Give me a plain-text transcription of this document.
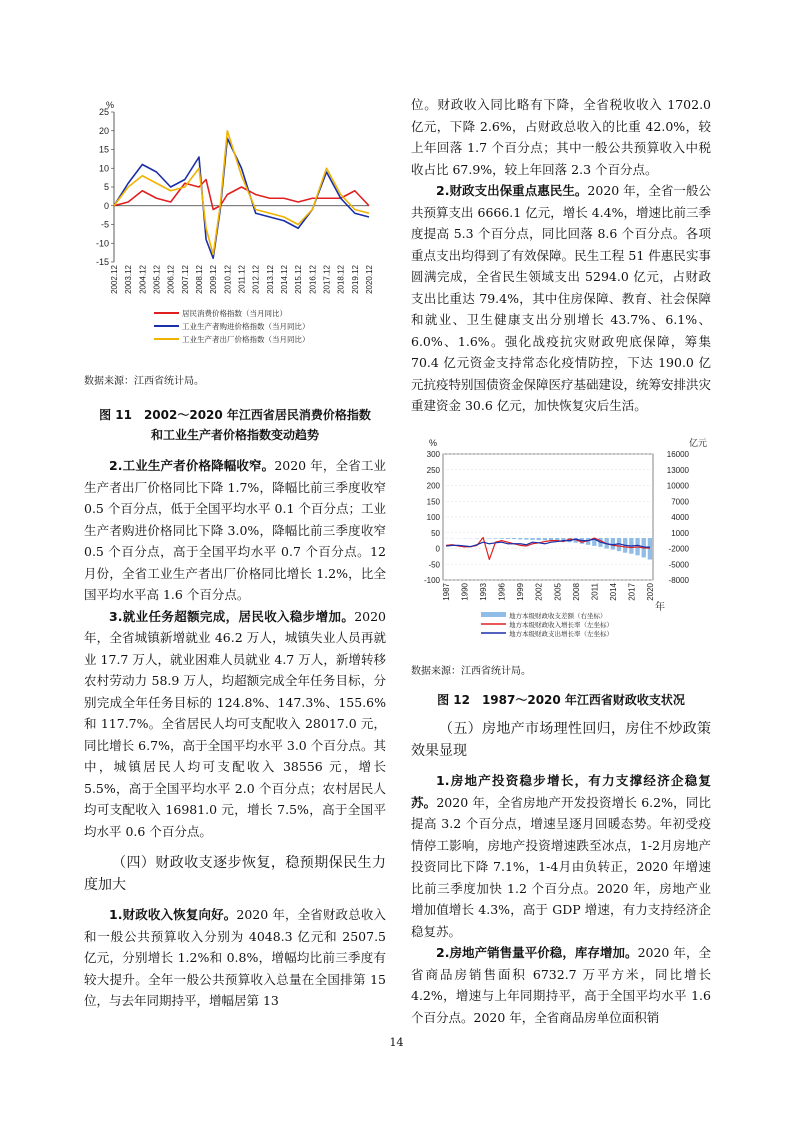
%
25
20
15
10
5
0
-5
-10
-15
2002.12 2003.12 2004.12 2005.12 2006.12 2007.12 2008.12 2009.12 2010.12 2011.12 2012.12 2013.12 2014.12 2015.12 2016.12 2017.12 2018.12 2019.12 2020.12
居民消费价格指数（当月同比）
工业生产者购进价格指数（当月同比）
工业生产者出厂价格指数（当月同比）
数据来源：江西省统计局。
图 11　2002～2020 年江西省居民消费价格指数
和工业生产者价格指数变动趋势

2.工业生产者价格降幅收窄。2020 年，全省工业生产者出厂价格同比下降 1.7%，降幅比前三季度收窄 0.5 个百分点，低于全国平均水平 0.1 个百分点；工业生产者购进价格同比下降 3.0%，降幅比前三季度收窄 0.5 个百分点，高于全国平均水平 0.7 个百分点。12 月份，全省工业生产者出厂价格同比增长 1.2%，比全国平均水平高 1.6 个百分点。

3.就业任务超额完成，居民收入稳步增加。2020 年，全省城镇新增就业 46.2 万人，城镇失业人员再就业 17.7 万人，就业困难人员就业 4.7 万人，新增转移农村劳动力 58.9 万人，均超额完成全年任务目标，分别完成全年任务目标的 124.8%、147.3%、155.6%和 117.7%。全省居民人均可支配收入 28017.0 元，同比增长 6.7%，高于全国平均水平 3.0 个百分点。其中，城镇居民人均可支配收入 38556 元，增长 5.5%，高于全国平均水平 2.0 个百分点；农村居民人均可支配收入 16981.0 元，增长 7.5%，高于全国平均水平 0.6 个百分点。

（四）财政收支逐步恢复，稳预期保民生力度加大

1.财政收入恢复向好。2020 年，全省财政总收入和一般公共预算收入分别为 4048.3 亿元和 2507.5 亿元，分别增长 1.2%和 0.8%，增幅均比前三季度有较大提升。全年一般公共预算收入总量在全国排第 15 位，与去年同期持平，增幅居第 13

位。财政收入同比略有下降，全省税收收入 1702.0 亿元，下降 2.6%，占财政总收入的比重 42.0%，较上年回落 1.7 个百分点；其中一般公共预算收入中税收占比 67.9%，较上年回落 2.3 个百分点。

2.财政支出保重点惠民生。2020 年，全省一般公共预算支出 6666.1 亿元，增长 4.4%，增速比前三季度提高 5.3 个百分点，同比回落 8.6 个百分点。各项重点支出均得到了有效保障。民生工程 51 件惠民实事圆满完成，全省民生领域支出 5294.0 亿元，占财政支出比重达 79.4%，其中住房保障、教育、社会保障和就业、卫生健康支出分别增长 43.7%、6.1%、6.0%、1.6%。强化战疫抗灾财政兜底保障，筹集 70.4 亿元资金支持常态化疫情防控，下达 190.0 亿元抗疫特别国债资金保障医疗基础建设，统筹安排洪灾重建资金 30.6 亿元，加快恢复灾后生活。

%	亿元
300
250
200
150
100
50
0
-50
-100
16000
13000
10000
7000
4000
1000
-2000
-5000
-8000
1987 1990 1993 1996 1999 2002 2005 2008 2011 2014 2017 2020
年
地方本级财政收支差额（右坐标）
地方本级财政收入增长率（左坐标）
地方本级财政支出增长率（左坐标）
数据来源：江西省统计局。
图 12　1987～2020 年江西省财政收支状况

（五）房地产市场理性回归，房住不炒政策效果显现

1.房地产投资稳步增长，有力支撑经济企稳复苏。2020 年，全省房地产开发投资增长 6.2%，同比提高 3.2 个百分点，增速呈逐月回暖态势。年初受疫情停工影响，房地产投资增速跌至冰点，1-2月房地产投资同比下降 7.1%，1-4月由负转正，2020 年增速比前三季度加快 1.2 个百分点。2020 年，房地产业增加值增长 4.3%，高于 GDP 增速，有力支持经济企稳复苏。

2.房地产销售量平价稳，库存增加。2020 年，全省商品房销售面积 6732.7 万平方米，同比增长 4.2%，增速与上年同期持平，高于全国平均水平 1.6 个百分点。2020 年，全省商品房单位面积销

14
